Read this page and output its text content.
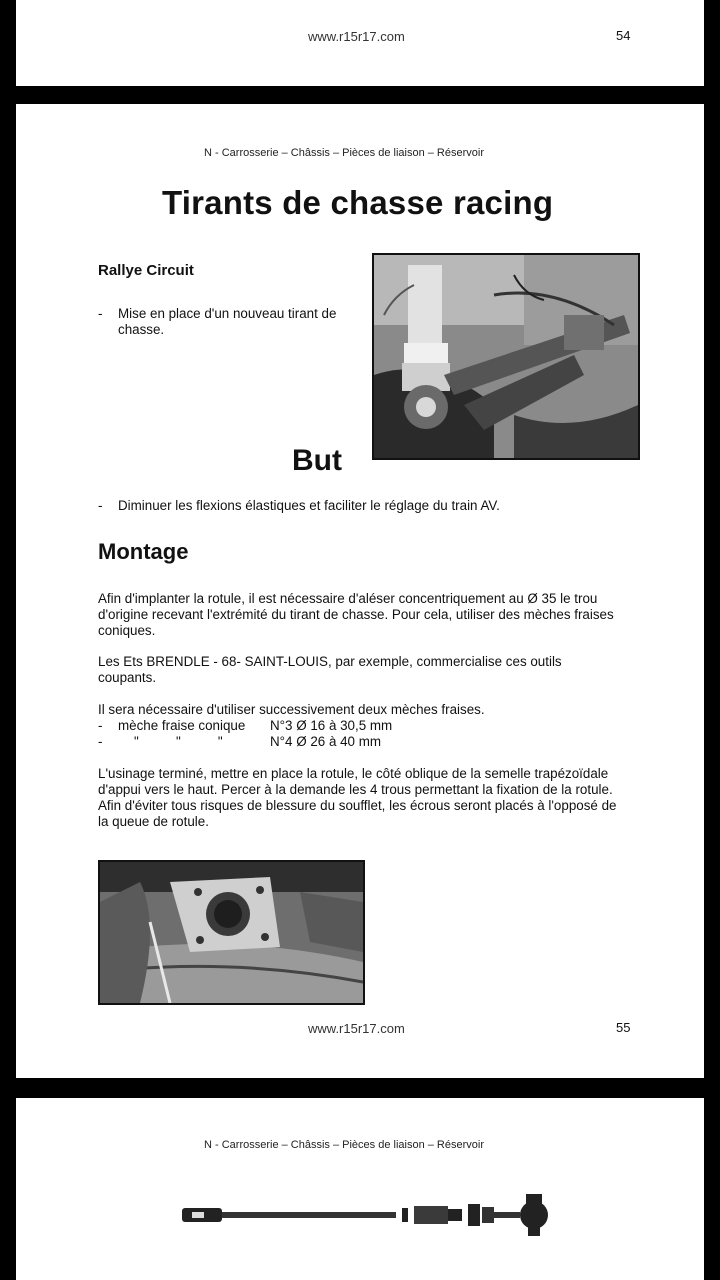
www.r15r17.com	54
N - Carrosserie – Châssis – Pièces de liaison – Réservoir
Tirants de chasse racing
Rallye Circuit
- Mise en place d'un nouveau tirant de
chasse.
But
- Diminuer les flexions élastiques et faciliter le réglage du train AV.
Montage
Afin d'implanter la rotule, il est nécessaire d'aléser concentriquement au Ø 35 le trou
d'origine recevant l'extrémité du tirant de chasse. Pour cela, utiliser des mèches fraises
coniques.
Les Ets BRENDLE - 68- SAINT-LOUIS, par exemple, commercialise ces outils
coupants.
Il sera nécessaire d'utiliser successivement deux mèches fraises.
- mèche fraise conique N°3 Ø 16 à 30,5 mm
- "          "          "	N°4 Ø 26 à 40 mm
L'usinage terminé, mettre en place la rotule, le côté oblique de la semelle trapézoïdale
d'appui vers le haut. Percer à la demande les 4 trous permettant la fixation de la rotule.
Afin d'éviter tous risques de blessure du soufflet, les écrous seront placés à l'opposé de
la queue de rotule.
www.r15r17.com	55
N - Carrosserie – Châssis – Pièces de liaison – Réservoir
